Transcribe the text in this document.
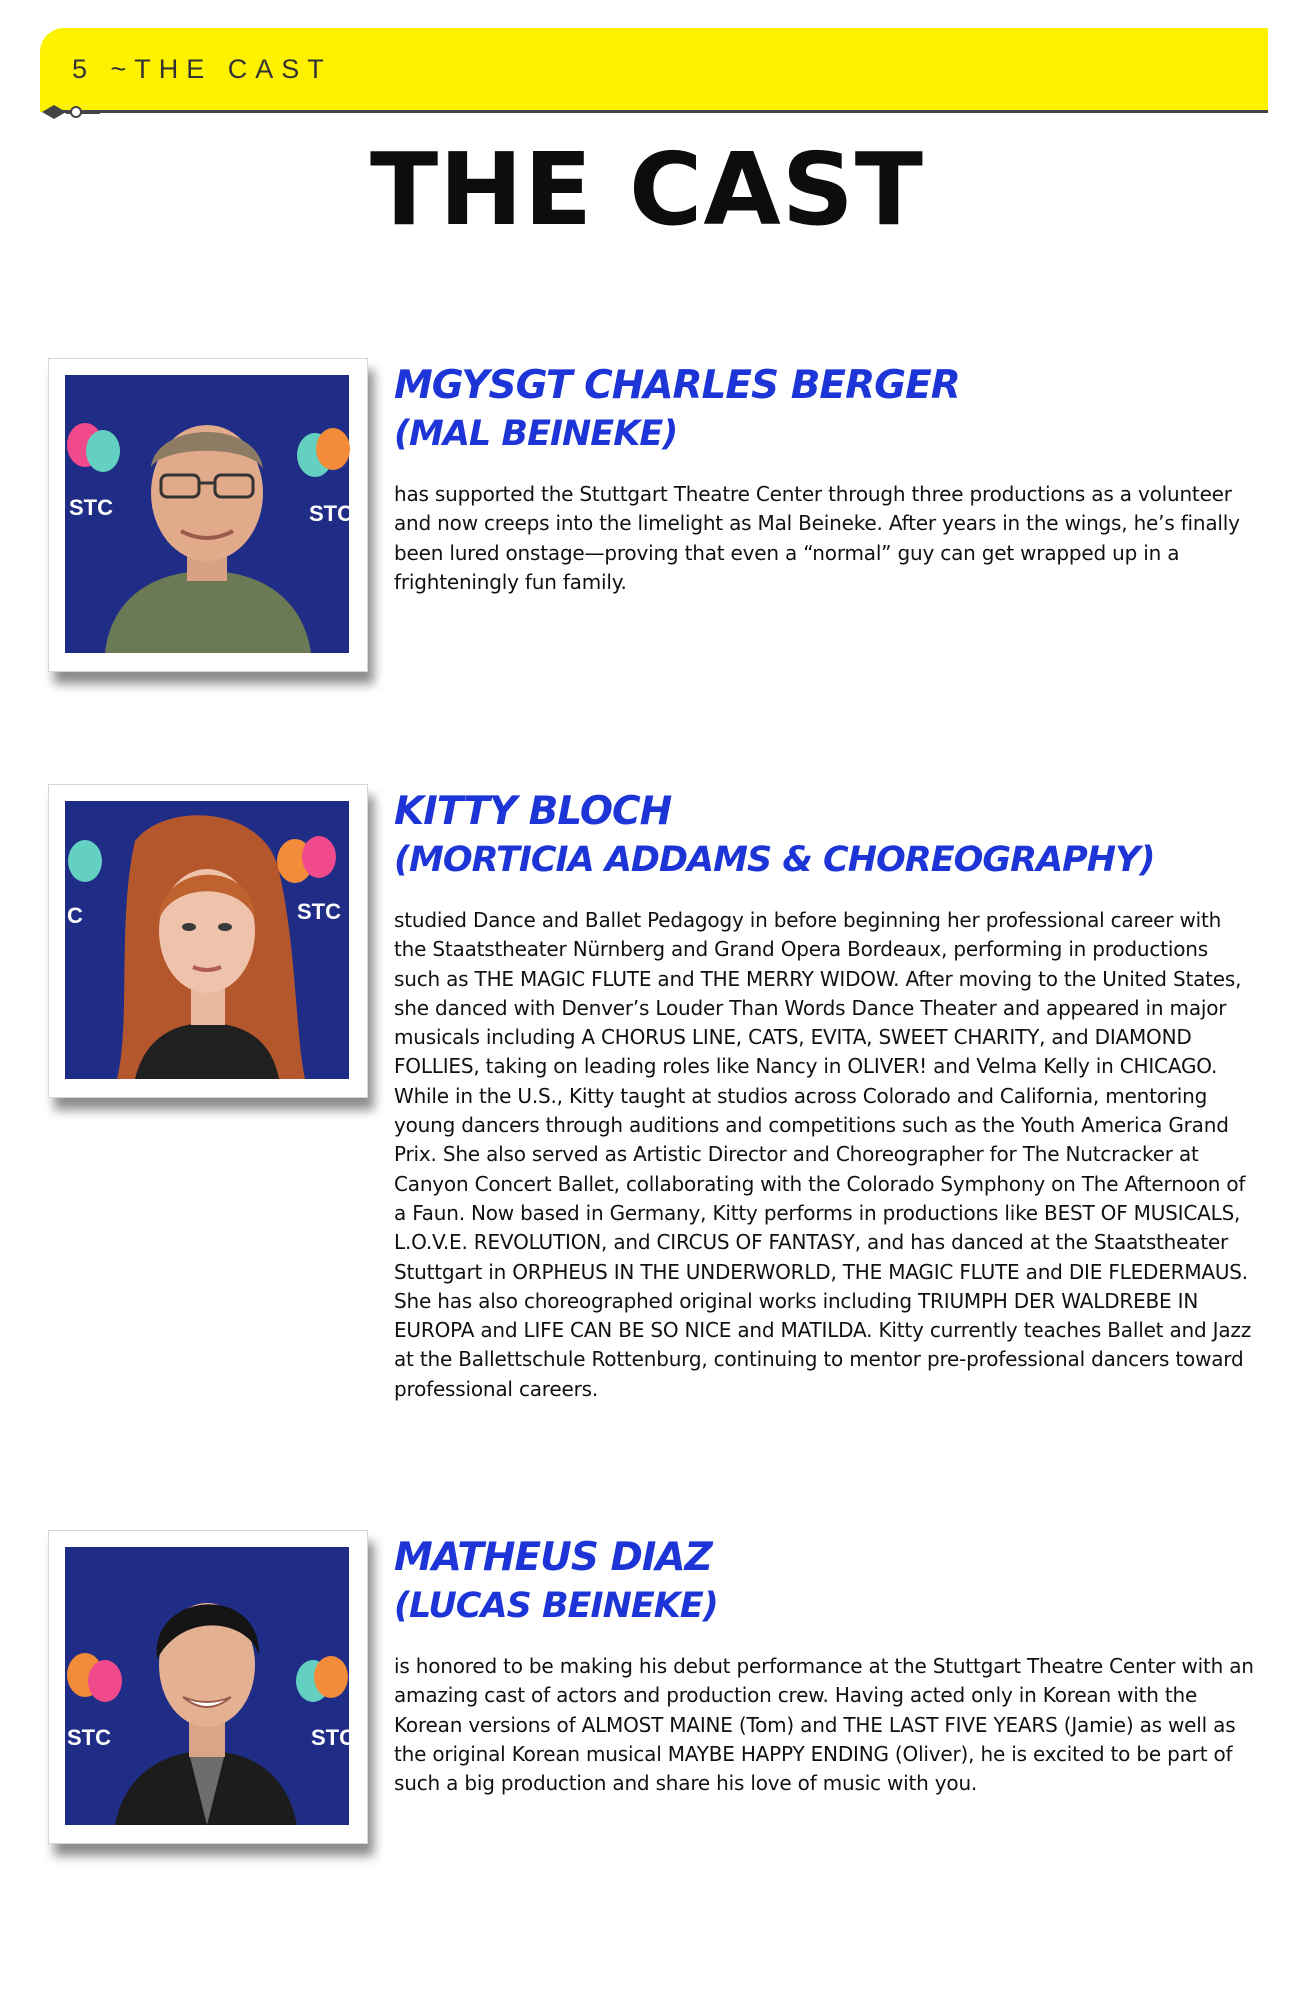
5 ~THE CAST
THE CAST
STC	STC
MGYSGT CHARLES BERGER
(MAL BEINEKE)
has supported the Stuttgart Theatre Center through three productions as a volunteer and now creeps into the limelight as Mal Beineke. After years in the wings, he’s finally been lured onstage—proving that even a “normal” guy can get wrapped up in a frighteningly fun family.
C	STC
KITTY BLOCH
(MORTICIA ADDAMS & CHOREOGRAPHY)
studied Dance and Ballet Pedagogy in before beginning her professional career with the Staatstheater Nürnberg and Grand Opera Bordeaux, performing in productions such as THE MAGIC FLUTE and THE MERRY WIDOW. After moving to the United States, she danced with Denver’s Louder Than Words Dance Theater and appeared in major musicals including A CHORUS LINE, CATS, EVITA, SWEET CHARITY, and DIAMOND FOLLIES, taking on leading roles like Nancy in OLIVER! and Velma Kelly in CHICAGO. While in the U.S., Kitty taught at studios across Colorado and California, mentoring young dancers through auditions and competitions such as the Youth America Grand Prix. She also served as Artistic Director and Choreographer for The Nutcracker at Canyon Concert Ballet, collaborating with the Colorado Symphony on The Afternoon of a Faun. Now based in Germany, Kitty performs in productions like BEST OF MUSICALS, L.O.V.E. REVOLUTION, and CIRCUS OF FANTASY, and has danced at the Staatstheater Stuttgart in ORPHEUS IN THE UNDERWORLD, THE MAGIC FLUTE and DIE FLEDERMAUS. She has also choreographed original works including TRIUMPH DER WALDREBE IN EUROPA and LIFE CAN BE SO NICE and MATILDA. Kitty currently teaches Ballet and Jazz at the Ballettschule Rottenburg, continuing to mentor pre-professional dancers toward professional careers.
STC	STC
MATHEUS DIAZ
(LUCAS BEINEKE)
is honored to be making his debut performance at the Stuttgart Theatre Center with an amazing cast of actors and production crew. Having acted only in Korean with the Korean versions of ALMOST MAINE (Tom) and THE LAST FIVE YEARS (Jamie) as well as the original Korean musical MAYBE HAPPY ENDING (Oliver), he is excited to be part of such a big production and share his love of music with you.
